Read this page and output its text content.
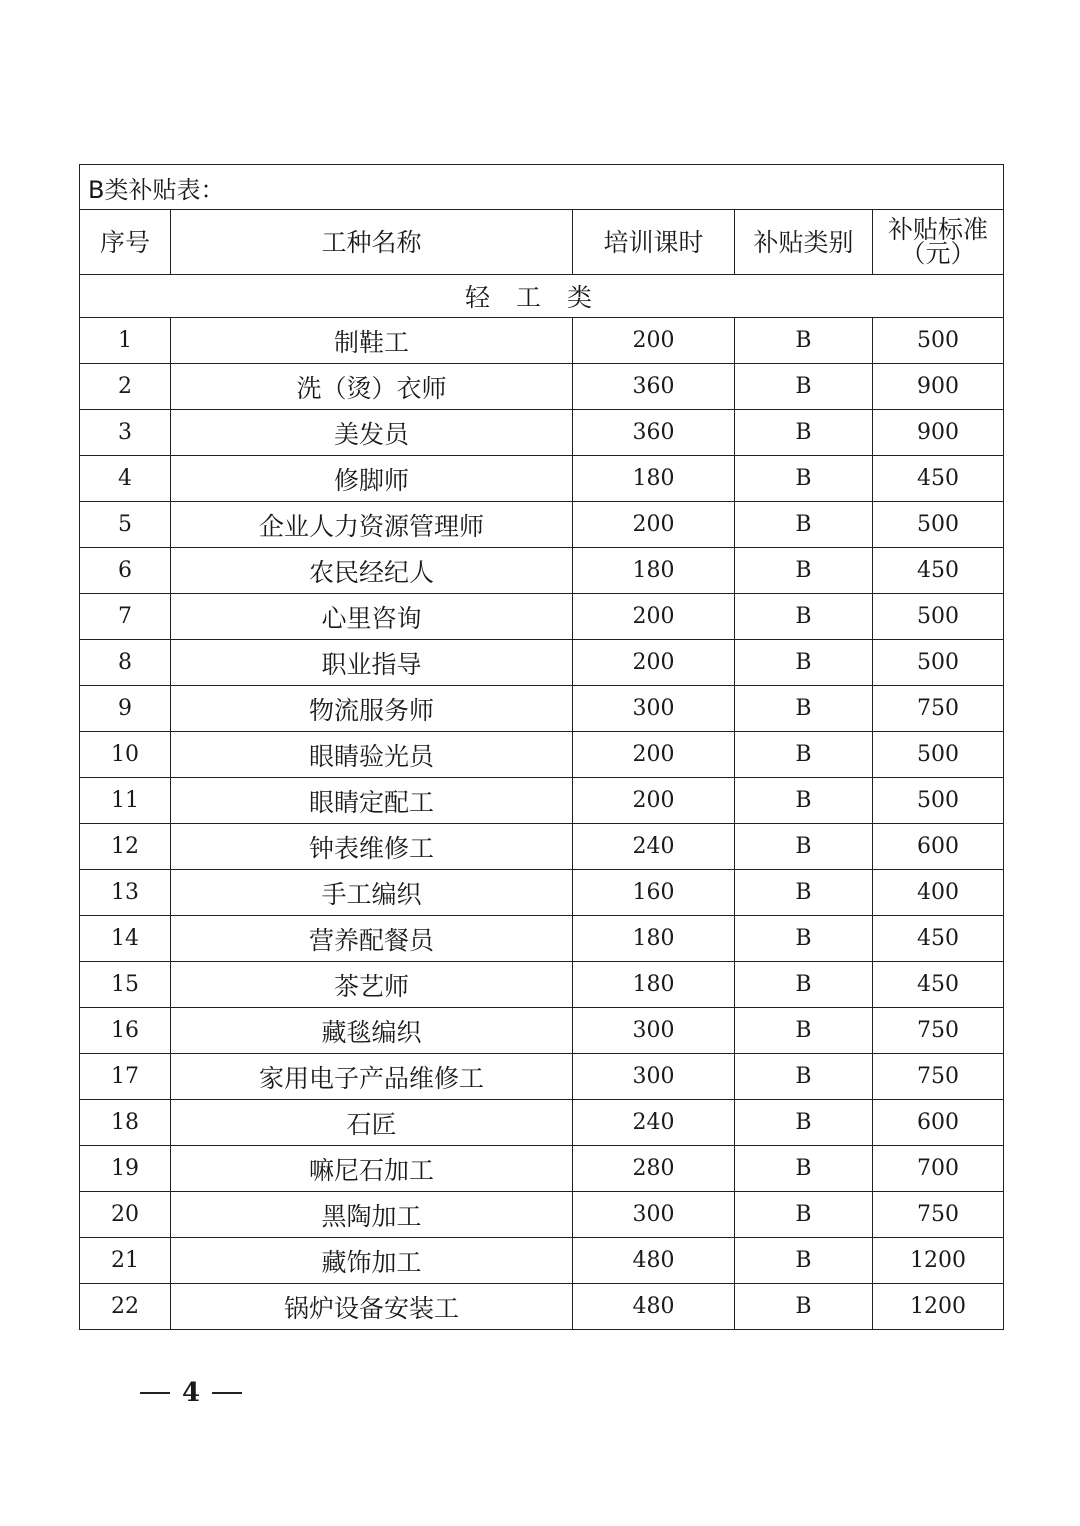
B类补贴表：				
序号	工种名称	培训课时	补贴类别	补贴标准（元）
轻工类				
1	制鞋工	200	B	500
2	洗（烫）衣师	360	B	900
3	美发员	360	B	900
4	修脚师	180	B	450
5	企业人力资源管理师	200	B	500
6	农民经纪人	180	B	450
7	心里咨询	200	B	500
8	职业指导	200	B	500
9	物流服务师	300	B	750
10	眼睛验光员	200	B	500
11	眼睛定配工	200	B	500
12	钟表维修工	240	B	600
13	手工编织	160	B	400
14	营养配餐员	180	B	450
15	茶艺师	180	B	450
16	藏毯编织	300	B	750
17	家用电子产品维修工	300	B	750
18	石匠	240	B	600
19	嘛尼石加工	280	B	700
20	黑陶加工	300	B	750
21	藏饰加工	480	B	1200
22	锅炉设备安装工	480	B	1200
4
